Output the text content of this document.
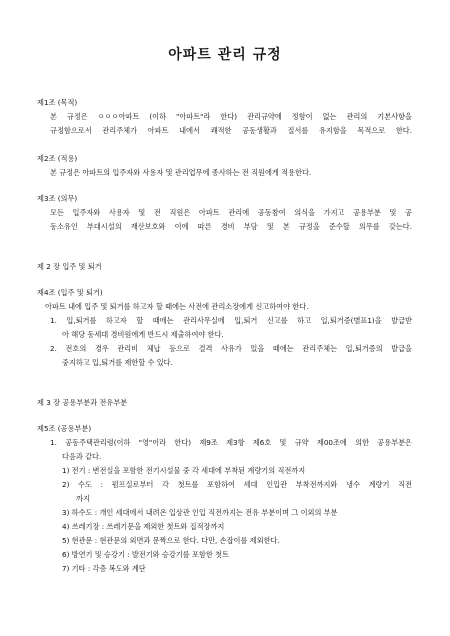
아파트 관리 규정
제1조 (목적)
본 규정은 ㅇㅇㅇ아파트 (이하 "아파트"라 한다) 관리규약에 정함이 없는 관리의 기본사항을
규정함으로서 관리주체가 아파트 내에서 쾌적한 공동생활과 질서를 유지함을 목적으로 한다.
제2조 (적용)
본 규정은 아파트의 입주자와 사용자 및 관리업무에 종사하는 전 직원에게 적용한다.
제3조 (의무)
모든 입주자와 사용자 및 전 직원은 아파트 관리에 공동참여 의식을 가지고 공용부분 및 공
동소유인 부대시설의 재산보호와 이에 따른 경비 부담 및 본 규정을 준수할 의무를 갖는다.
제 2 장 입주 및 퇴거
제4조 (입주 및 퇴거)
아파트 내에 입주 및 퇴거를 하고자 할 때에는 사전에 관리소장에게 신고하여야 한다.
1. 입,퇴거를 하고자 할 때에는 관리사무실에 입,퇴거 신고를 하고 입,퇴거증(별표1)을 발급받
아 해당 동세대 경비원에게 반드시 제출하여야 한다.
2. 전호의 경우 관리비 체납 등으로 결격 사유가 있을 때에는 관리주체는 입,퇴거증의 발급을
중지하고 입,퇴거를 제한할 수 있다.
제 3 장 공용부분과 전유부분
제5조 (공용부분)
1. 공동주택관리령(이하 "영"이라 한다) 제9조 제3항 제6호 및 규약 제00조에 의한 공용부분은
다음과 같다.
1) 전기 : 변전실을 포함한 전기시설물 중 각 세대에 부착된 계량기의 직전까지
2) 수도 : 펌프실로부터 각 첫트를 포함하여 세대 인입관 부착전까지와 냉수 계량기 직전
까지
3) 하수도 : 개인 세대에서 내려온 입상관 인입 직전까지는 전유 부분이며 그 이외의 부분
4) 쓰레기장 : 쓰레기문을 제외한 첫트와 집적장까지
5) 현관문 : 현관문의 외면과 문짝으로 한다. 다만, 손잡이를 제외한다.
6) 방연기 및 승강기 : 발전기와 승강기를 포함한 첫트
7) 기타 : 각층 복도와 계단
